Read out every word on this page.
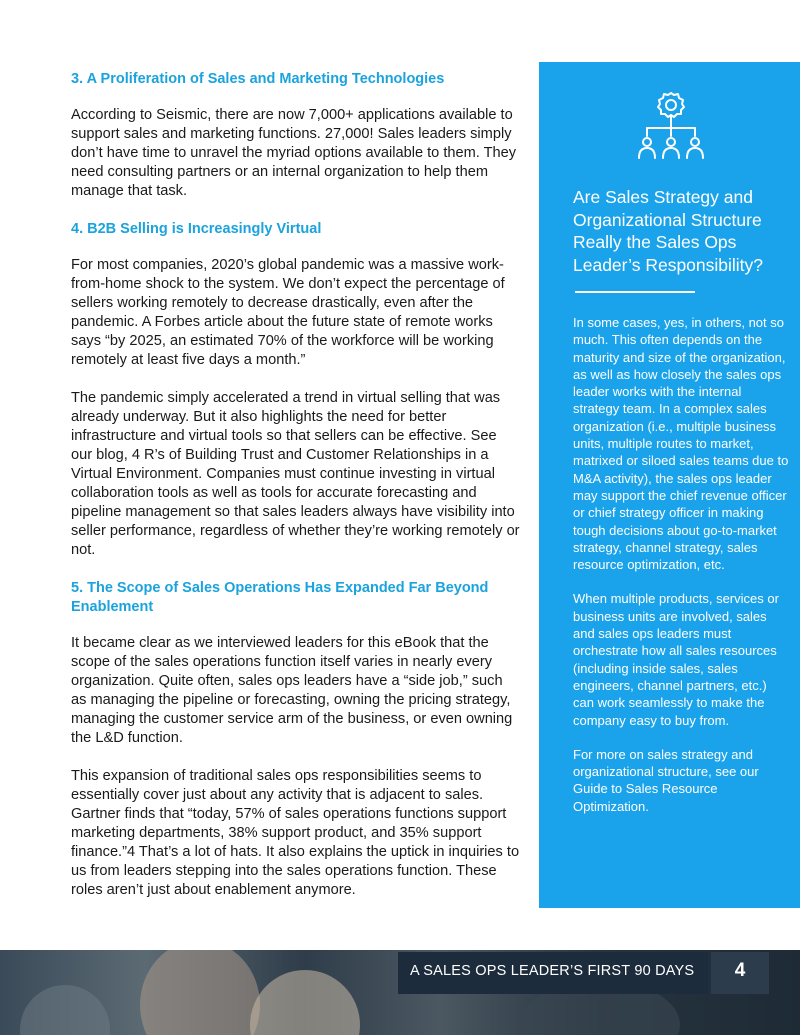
3. A Proliferation of Sales and Marketing Technologies

According to Seismic, there are now 7,000+ applications available to support sales and marketing functions. 27,000! Sales leaders simply don’t have time to unravel the myriad options available to them. They need consulting partners or an internal organization to help them manage that task.

4. B2B Selling is Increasingly Virtual

For most companies, 2020’s global pandemic was a massive work-from-home shock to the system. We don’t expect the percentage of sellers working remotely to decrease drastically, even after the pandemic. A Forbes article about the future state of remote works says “by 2025, an estimated 70% of the workforce will be working remotely at least five days a month.”

The pandemic simply accelerated a trend in virtual selling that was already underway. But it also highlights the need for better infrastructure and virtual tools so that sellers can be effective. See our blog, 4 R’s of Building Trust and Customer Relationships in a Virtual Environment. Companies must continue investing in virtual collaboration tools as well as tools for accurate forecasting and pipeline management so that sales leaders always have visibility into seller performance, regardless of whether they’re working remotely or not.

5. The Scope of Sales Operations Has Expanded Far Beyond Enablement

It became clear as we interviewed leaders for this eBook that the scope of the sales operations function itself varies in nearly every organization. Quite often, sales ops leaders have a “side job,” such as managing the pipeline or forecasting, owning the pricing strategy, managing the customer service arm of the business, or even owning the L&D function.

This expansion of traditional sales ops responsibilities seems to essentially cover just about any activity that is adjacent to sales. Gartner finds that “today, 57% of sales operations functions support marketing departments, 38% support product, and 35% support finance.”4 That’s a lot of hats. It also explains the uptick in inquiries to us from leaders stepping into the sales operations function. These roles aren’t just about enablement anymore.

Are Sales Strategy and Organizational Structure Really the Sales Ops Leader’s Responsibility?

In some cases, yes, in others, not so much. This often depends on the maturity and size of the organization, as well as how closely the sales ops leader works with the internal strategy team. In a complex sales organization (i.e., multiple business units, multiple routes to market, matrixed or siloed sales teams due to M&A activity), the sales ops leader may support the chief revenue officer or chief strategy officer in making tough decisions about go-to-market strategy, channel strategy, sales resource optimization, etc.

When multiple products, services or business units are involved, sales and sales ops leaders must orchestrate how all sales resources (including inside sales, sales engineers, channel partners, etc.) can work seamlessly to make the company easy to buy from.

For more on sales strategy and organizational structure, see our Guide to Sales Resource Optimization.

A SALES OPS LEADER’S FIRST 90 DAYS	4
